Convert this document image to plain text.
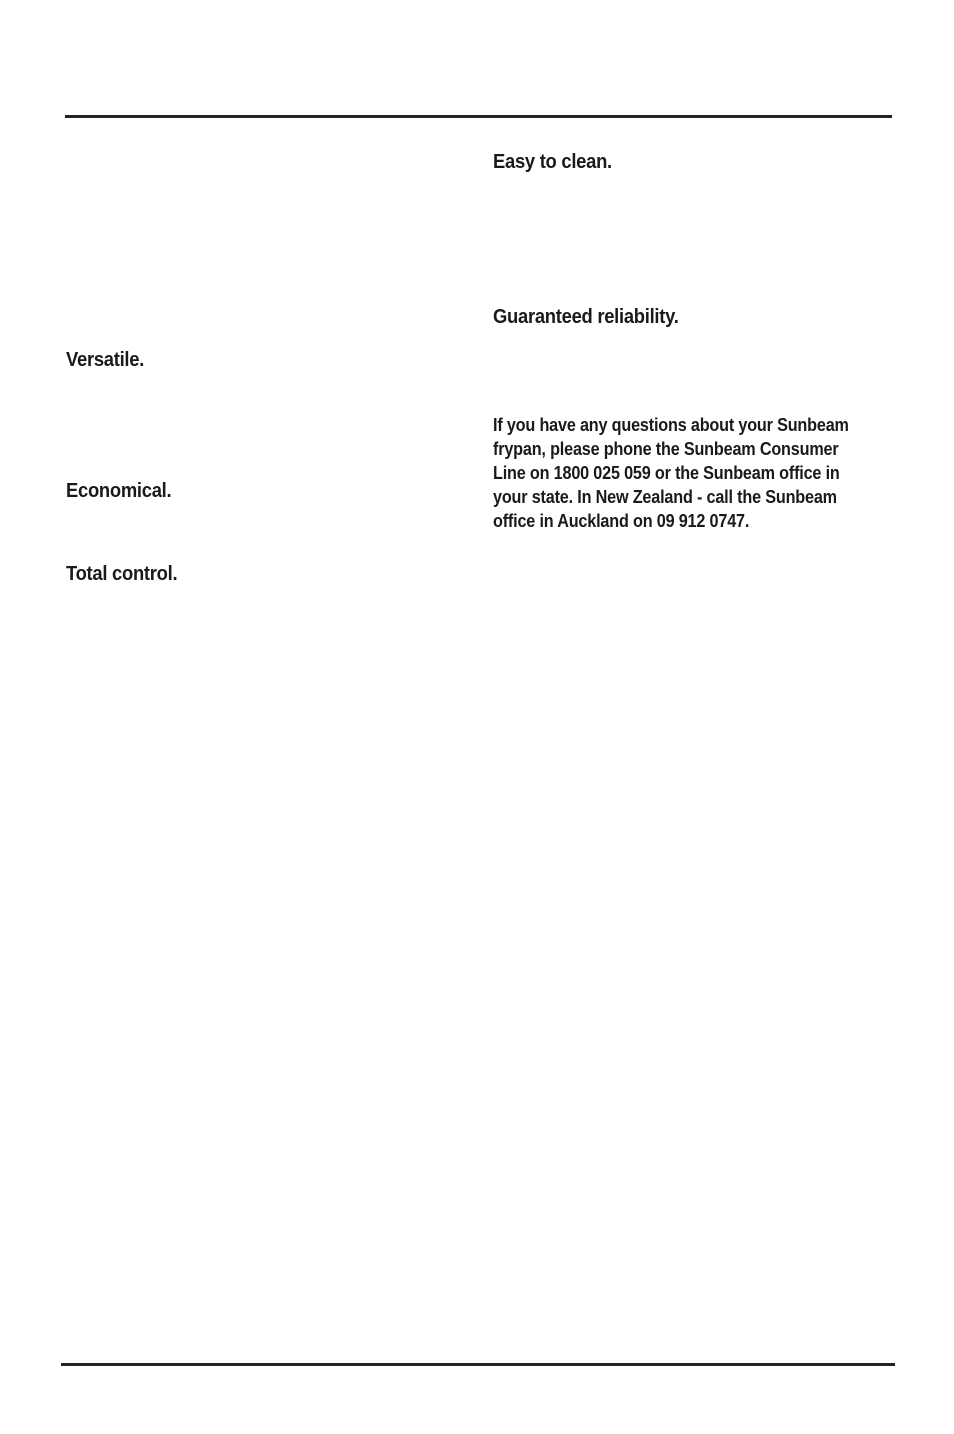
Easy to clean.
Guaranteed reliability.
Versatile.
Economical.
Total control.
If you have any questions about your Sunbeam
frypan, please phone the Sunbeam Consumer
Line on 1800 025 059 or the Sunbeam office in
your state. In New Zealand - call the Sunbeam
office in Auckland on 09 912 0747.
